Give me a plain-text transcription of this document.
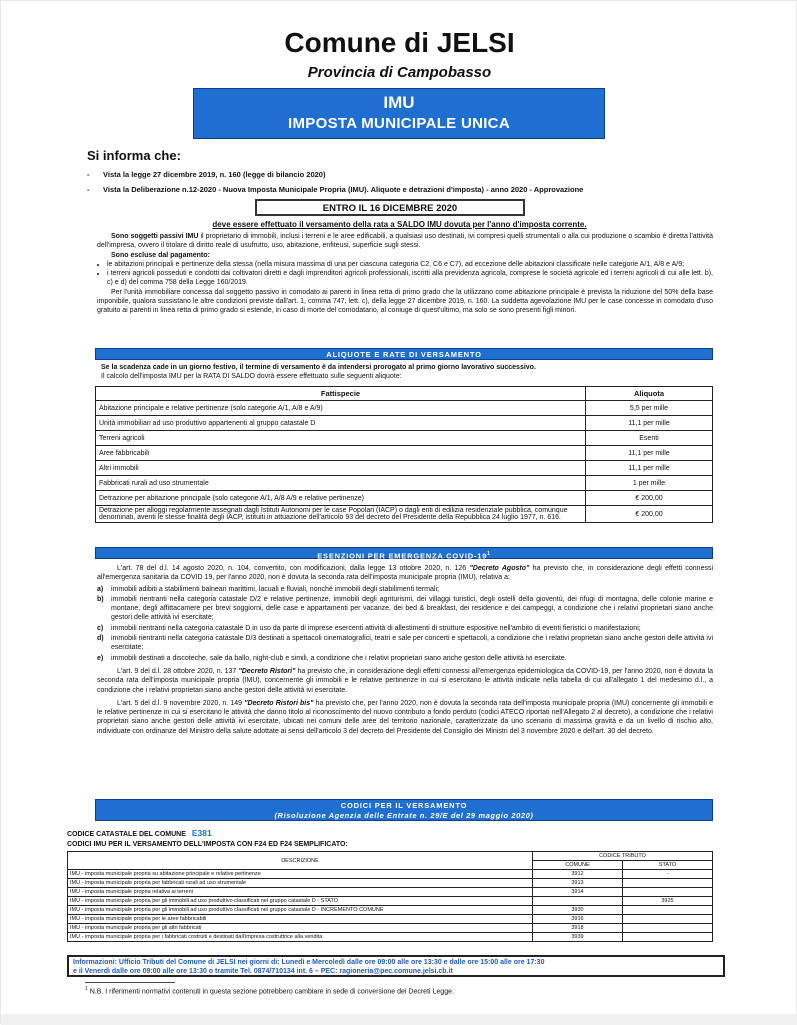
Comune di JELSI
Provincia di Campobasso
IMU
IMPOSTA MUNICIPALE UNICA
Si informa che:
- Vista la legge 27 dicembre 2019, n. 160 (legge di bilancio 2020)
- Vista la Deliberazione n.12-2020 - Nuova Imposta Municipale Propria (IMU). Aliquote e detrazioni d'imposta) - anno 2020 - Approvazione
ENTRO IL 16 DICEMBRE 2020
deve essere effettuato il versamento della rata a SALDO IMU dovuta per l'anno d'imposta corrente.
Sono soggetti passivi IMU il proprietario di immobili, inclusi i terreni e le aree edificabili, a qualsiasi uso destinati, ivi compresi quelli strumentali o alla cui produzione o scambio è diretta l'attività dell'impresa, ovvero il titolare di diritto reale di usufrutto, uso, abitazione, enfiteusi, superficie sugli stessi.
Sono escluse dal pagamento:
• le abitazioni principali e pertinenze della stessa (nella misura massima di una per ciascuna categoria C2, C6 e C7), ad eccezione delle abitazioni classificate nelle categorie A/1, A/8 e A/9;
• i terreni agricoli posseduti e condotti dai coltivatori diretti e dagli imprenditori agricoli professionali, iscritti alla previdenza agricola, comprese le società agricole ed i terreni agricoli di cui alle lett. b), c) e d) del comma 758 della Legge 160/2019.
Per l'unità immobiliare concessa dal soggetto passivo in comodato ai parenti in linea retta di primo grado che la utilizzano come abitazione principale è prevista la riduzione del 50% della base imponibile, qualora sussistano le altre condizioni previste dall'art. 1, comma 747, lett. c), della legge 27 dicembre 2019, n. 160. La suddetta agevolazione IMU per le case concesse in comodato d'uso gratuito ai parenti in linea retta di primo grado si estende, in caso di morte del comodatario, al coniuge di quest'ultimo, ma solo se sono presenti figli minori.
ALIQUOTE E RATE DI VERSAMENTO
Se la scadenza cade in un giorno festivo, il termine di versamento è da intendersi prorogato al primo giorno lavorativo successivo.
Il calcolo dell'imposta IMU per la RATA DI SALDO dovrà essere effettuato sulle seguenti aliquote:
Fattispecie	Aliquota
Abitazione principale e relative pertinenze (solo categorie A/1, A/8 e A/9)	5,5 per mille
Unità immobiliari ad uso produttivo appartenenti al gruppo catastale D	11,1 per mille
Terreni agricoli	Esenti
Aree fabbricabili	11,1 per mille
Altri immobili	11,1 per mille
Fabbricati rurali ad uso strumentale	1 per mille
Detrazione per abitazione principale (solo categorie A/1, A/8 A/9 e relative pertinenze)	€ 200,00
Detrazione per alloggi regolarmente assegnati dagli Istituti Autonomi per le case Popolari (IACP) o dagli enti di edilizia residenziale pubblica, comunque denominati, aventi le stesse finalità degli IACP, istituiti in attuazione dell'articolo 93 del decreto del Presidente della Repubblica 24 luglio 1977, n. 616.	€ 200,00
ESENZIONI PER EMERGENZA COVID-$19^1$
L'art. 78 del d.l. 14 agosto 2020, n. 104, convertito, con modificazioni, dalla legge 13 ottobre 2020, n. 126 "Decreto Agosto" ha previsto che, in considerazione degli effetti connessi all'emergenza sanitaria da COVID 19, per l'anno 2020, non è dovuta la seconda rata dell'imposta municipale propria (IMU), relativa a:
a)	immobili adibiti a stabilimenti balneari marittimi, lacuali e fluviali, nonché immobili degli stabilimenti termali;
b)	immobili rientranti nella categoria catastale D/2 e relative pertinenze, immobili degli agriturismi, dei villaggi turistici, degli ostelli della gioventù, dei rifugi di montagna, delle colonie marine e montane, degli affittacamere per brevi soggiorni, delle case e appartamenti per vacanze, dei bed & breakfast, dei residence e dei campeggi, a condizione che i relativi proprietari siano anche gestori delle attività ivi esercitate;
c)	immobili rientranti nella categoria catastale D in uso da parte di imprese esercenti attività di allestimenti di strutture espositive nell'ambito di eventi fieristici o manifestazioni;
d)	immobili rientranti nella categoria catastale D/3 destinati a spettacoli cinematografici, teatri e sale per concerti e spettacoli, a condizione che i relativi proprietari siano anche gestori delle attività ivi esercitate;
e)	immobili destinati a discoteche, sale da ballo, night-club e simili, a condizione che i relativi proprietari siano anche gestori delle attività ivi esercitate.
L'art. 9 del d.l. 28 ottobre 2020, n. 137 "Decreto Ristori" ha previsto che, in considerazione degli effetti connessi all'emergenza epidemiologica da COVID-19, per l'anno 2020, non è dovuta la seconda rata dell'imposta municipale propria (IMU), concernente gli immobili e le relative pertinenze in cui si esercitano le attività indicate nella tabella di cui all'allegato 1 del medesimo d.l., a condizione che i relativi proprietari siano anche gestori delle attività ivi esercitate.
L'art. 5 del d.l. 9 novembre 2020, n. 149 "Decreto Ristori bis" ha previsto che, per l'anno 2020, non è dovuta la seconda rata dell'imposta municipale propria (IMU) concernente gli immobili e le relative pertinenze in cui si esercitano le attività che danno titolo al riconoscimento del nuovo contributo a fondo perduto (codici ATECO riportati nell'Allegato 2 al decreto), a condizione che i relativi proprietari siano anche gestori delle attività ivi esercitate, ubicati nei comuni delle aree del territorio nazionale, caratterizzate da uno scenario di massima gravità e da un livello di rischio alto, individuate con ordinanze del Ministro della salute adottate ai sensi dell'articolo 3 del decreto del Presidente del Consiglio dei Ministri del 3 novembre 2020 e dell'art. 30 del decreto.
CODICI PER IL VERSAMENTO
(Risoluzione Agenzia delle Entrate n. 29/E del 29 maggio 2020)
CODICE CATASTALE DEL COMUNE E381
CODICI IMU PER IL VERSAMENTO DELL'IMPOSTA CON F24 ED F24 SEMPLIFICATO:
DESCRIZIONE	CODICE TRIBUTO	
	COMUNE	STATO
IMU - imposta municipale propria su abitazione principale e relative pertinenze	3912	-
IMU - imposta municipale propria per fabbricati rurali ad uso strumentale	3913	
IMU - imposta municipale propria relativa ai terreni	3914	
IMU - imposta municipale propria per gli immobili ad uso produttivo classificati nel gruppo catastale D - STATO		3925
IMU - imposta municipale propria per gli immobili ad uso produttivo classificati nel gruppo catastale D - INCREMENTO COMUNE	3930	
IMU - imposta municipale propria per le aree fabbricabili	3916	
IMU - imposta municipale propria per gli altri fabbricati	3918	
IMU - imposta municipale propria per i fabbricati costruiti e destinati dall'impresa costruttrice alla vendita	3939	
Informazioni: Ufficio Tributi del Comune di JELSI nei giorni di: Lunedì e Mercoledì dalle ore 09:00 alle ore 13:30 e dalle ore 15:00 alle ore 17:30
e il Venerdì dalle ore 09:00 alle ore 13:30 o tramite Tel. 0874/710134 int. 6 – PEC: ragioneria@pec.comune.jelsi.cb.it
$^1$ N.B. I riferimenti normativi contenuti in questa sezione potrebbero cambiare in sede di conversione dei Decreti Legge.
